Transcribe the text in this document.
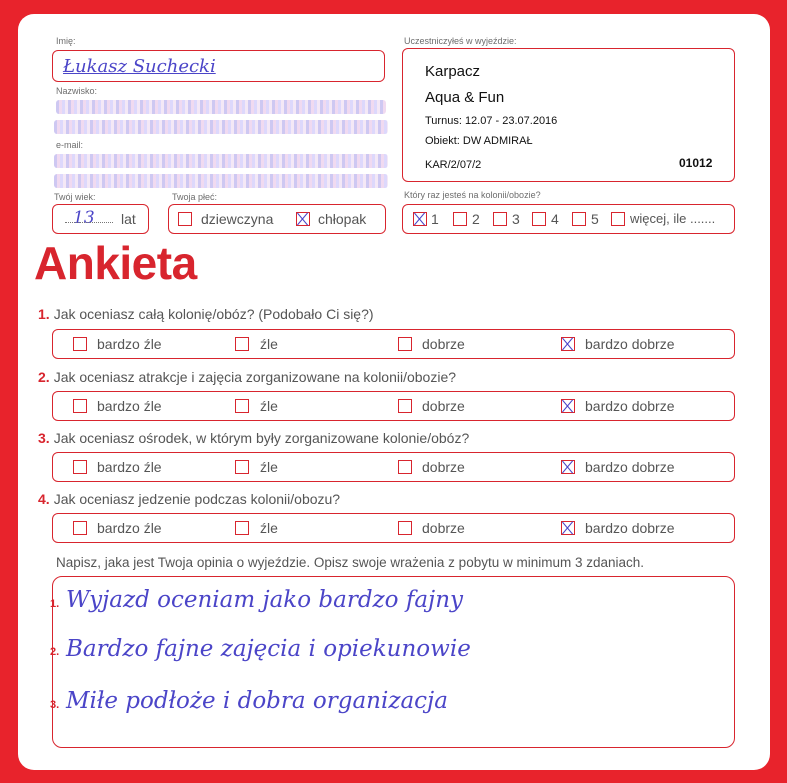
Imię:
Łukasz Suchecki
Nazwisko:
e-mail:
Twój wiek:
13 lat
Twoja płeć:
dziewczyna	chłopak
Uczestniczyłeś w wyjeździe:
Karpacz
Aqua & Fun
Turnus: 12.07 - 23.07.2016
Obiekt: DW ADMIRAŁ
KAR/2/07/2	01012
Który raz jesteś na kolonii/obozie?
1 2 3 4 5 więcej, ile .......
Ankieta
1. Jak oceniasz całą kolonię/obóz? (Podobało Ci się?)
bardzo źle	źle	dobrze	bardzo dobrze
2. Jak oceniasz atrakcje i zajęcia zorganizowane na kolonii/obozie?
bardzo źle	źle	dobrze	bardzo dobrze
3. Jak oceniasz ośrodek, w którym były zorganizowane kolonie/obóz?
bardzo źle	źle	dobrze	bardzo dobrze
4. Jak oceniasz jedzenie podczas kolonii/obozu?
bardzo źle	źle	dobrze	bardzo dobrze
Napisz, jaka jest Twoja opinia o wyjeździe. Opisz swoje wrażenia z pobytu w minimum 3 zdaniach.
1. Wyjazd oceniam jako bardzo fajny
2. Bardzo fajne zajęcia i opiekunowie
3. Miłe podłoże i dobra organizacja
